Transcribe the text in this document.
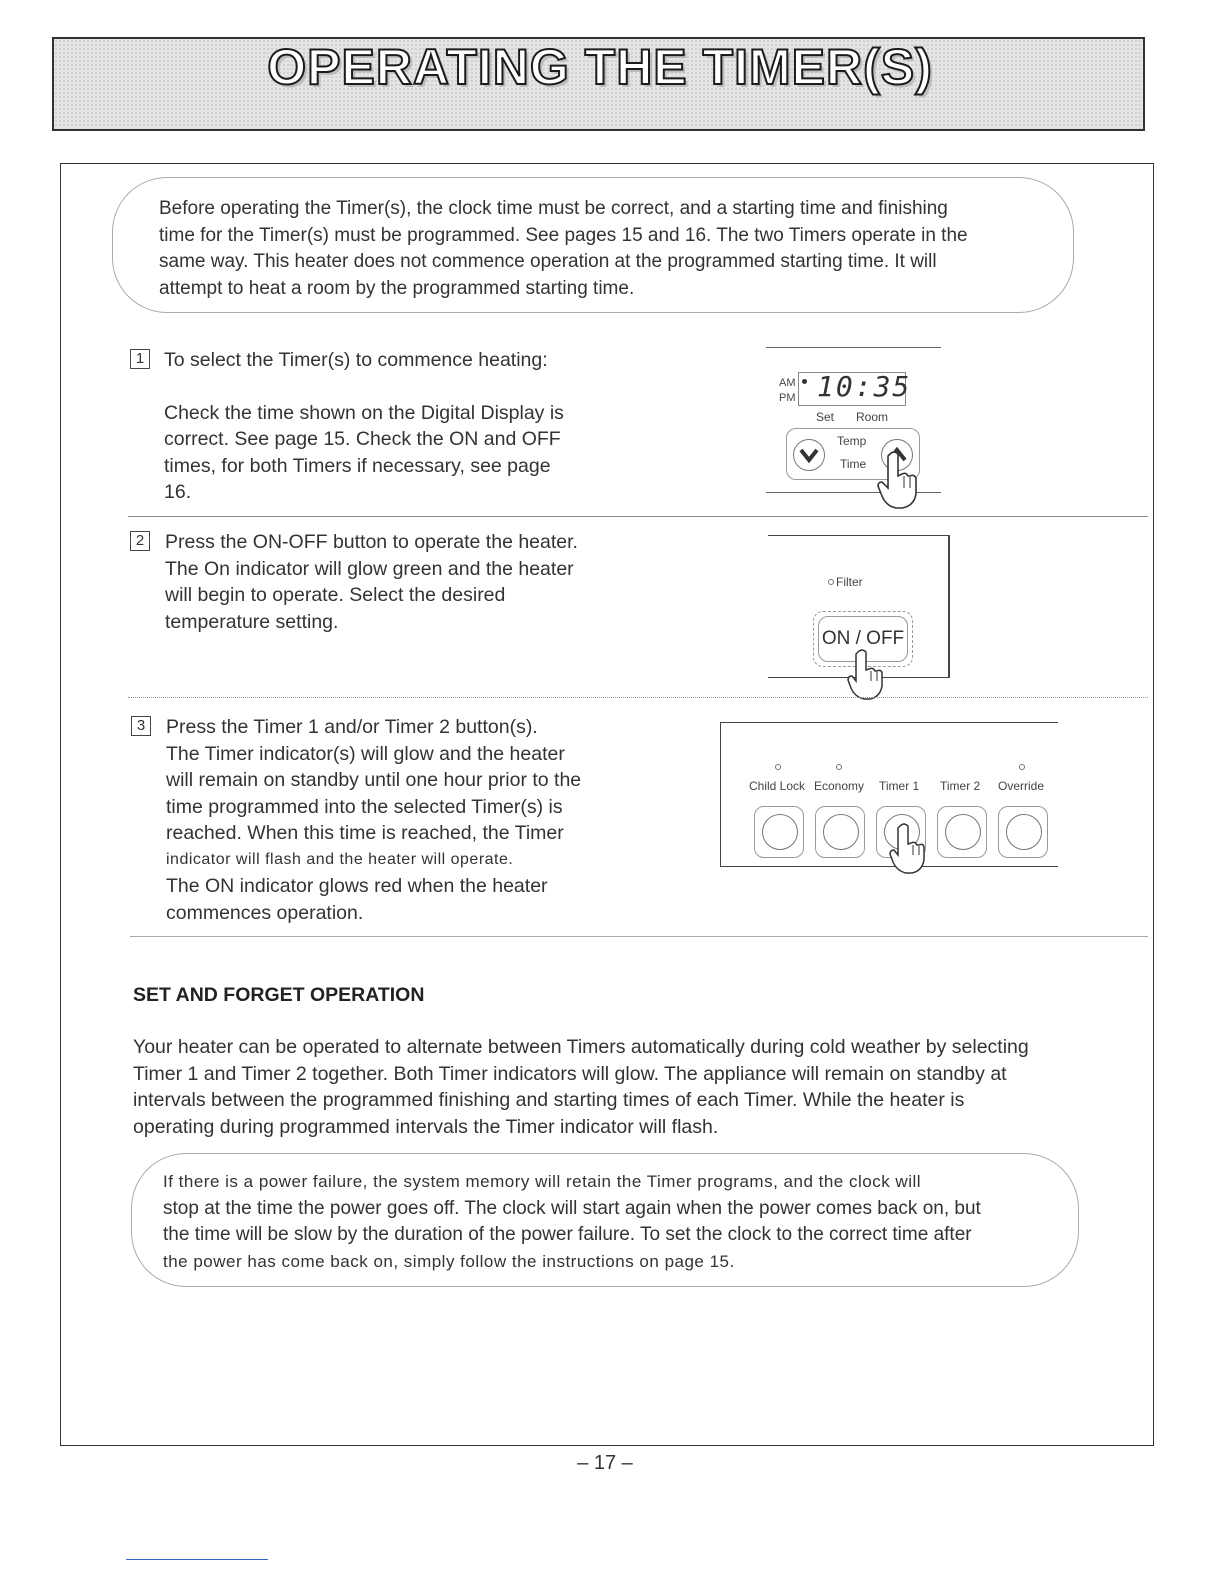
OPERATING THE TIMER(S)

Before operating the Timer(s), the clock time must be correct, and a starting time and finishing

time for the Timer(s) must be programmed. See pages 15 and 16. The two Timers operate in the

same way. This heater does not commence operation at the programmed starting time. It will

attempt to heat a room by the programmed starting time.

1 To select the Timer(s) to commence heating:
Check the time shown on the Digital Display is
correct. See page 15. Check the ON and OFF
times, for both Timers if necessary, see page
16.
AM
PM 10:35
Set Room
Temp
Time
2 Press the ON-OFF button to operate the heater.
The On indicator will glow green and the heater
will begin to operate. Select the desired
temperature setting.
Filter
ON / OFF
3 Press the Timer 1 and/or Timer 2 button(s).
The Timer indicator(s) will glow and the heater
will remain on standby until one hour prior to the
time programmed into the selected Timer(s) is
reached. When this time is reached, the Timer
indicator will flash and the heater will operate.
The ON indicator glows red when the heater
commences operation.
Child Lock Economy Timer 1 Timer 2 Override
SET AND FORGET OPERATION
Your heater can be operated to alternate between Timers automatically during cold weather by selecting
Timer 1 and Timer 2 together. Both Timer indicators will glow. The appliance will remain on standby at
intervals between the programmed finishing and starting times of each Timer. While the heater is
operating during programmed intervals the Timer indicator will flash.

If there is a power failure, the system memory will retain the Timer programs, and the clock will

stop at the time the power goes off. The clock will start again when the power comes back on, but

the time will be slow by the duration of the power failure. To set the clock to the correct time after

the power has come back on, simply follow the instructions on page 15.

– 17 –
